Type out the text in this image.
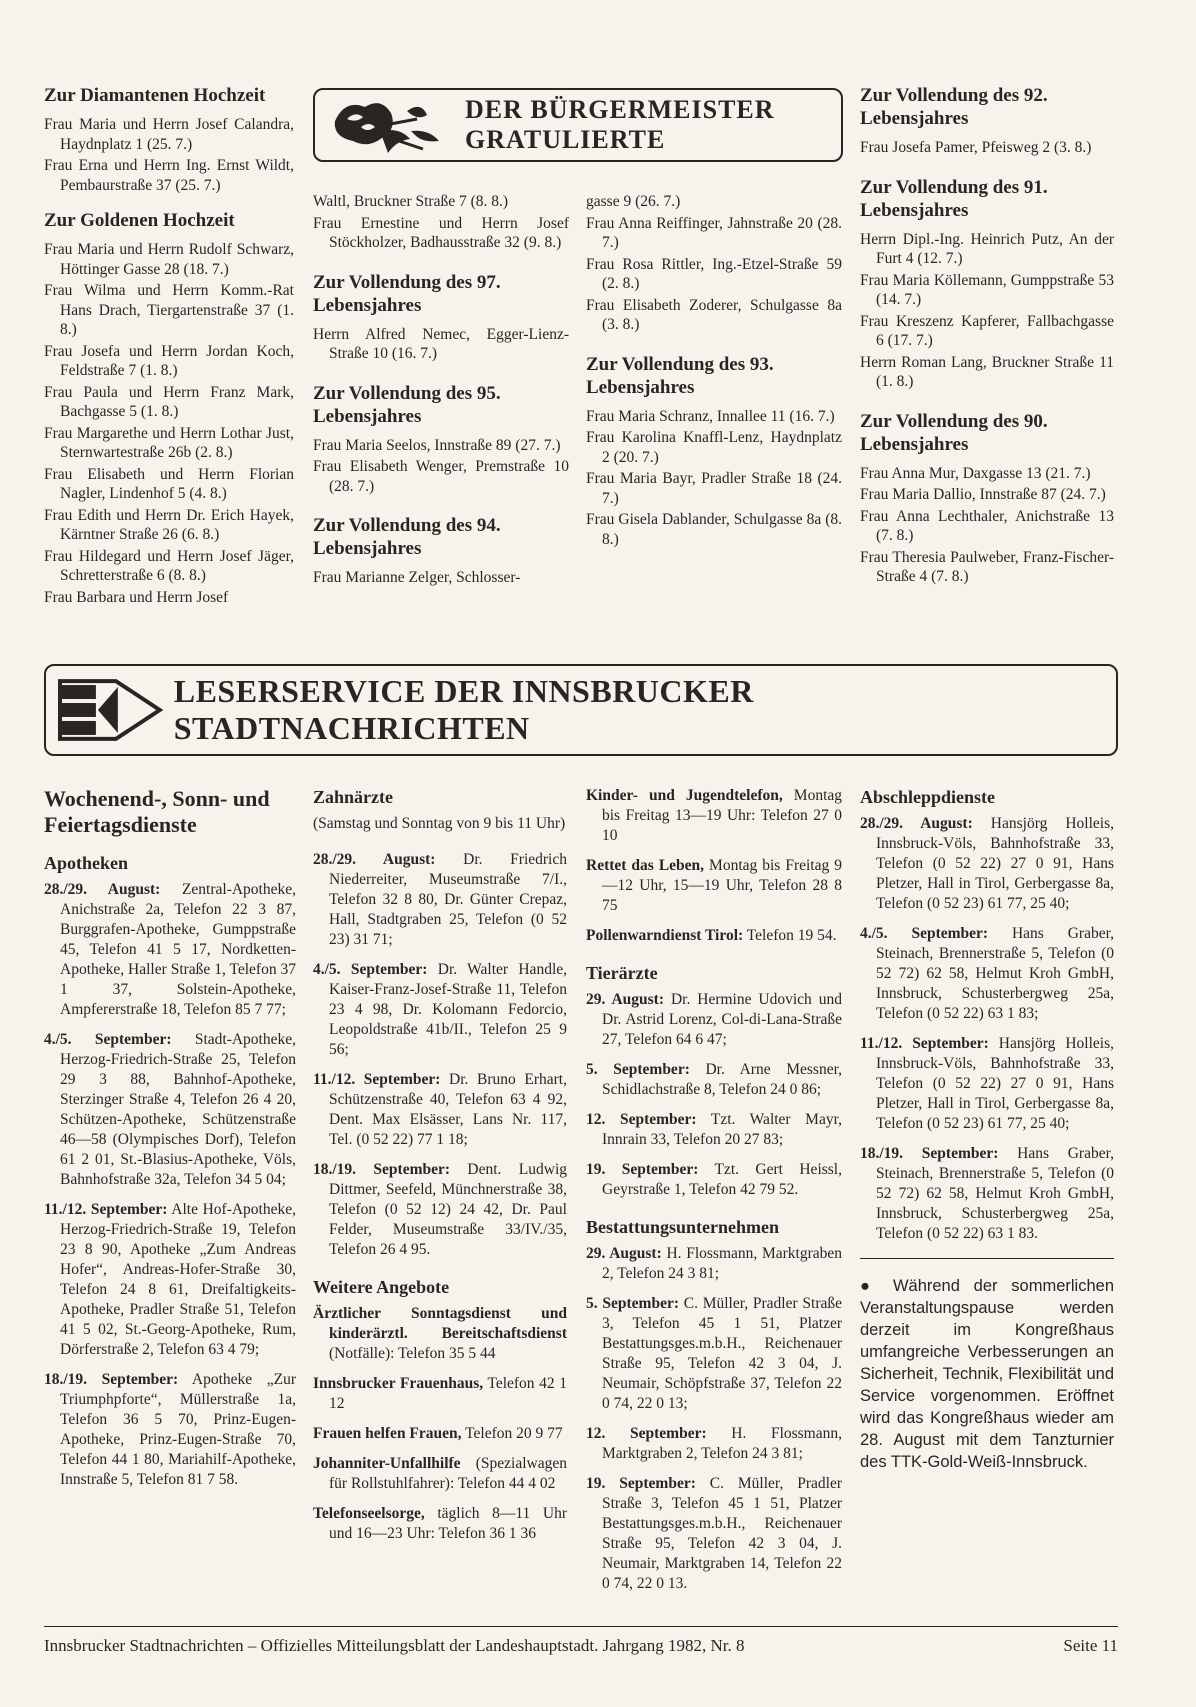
Zur Diamantenen Hochzeit
Frau Maria und Herrn Josef Calandra, Haydnplatz 1 (25. 7.)
Frau Erna und Herrn Ing. Ernst Wildt, Pembaurstraße 37 (25. 7.)
Zur Goldenen Hochzeit
Frau Maria und Herrn Rudolf Schwarz, Höttinger Gasse 28 (18. 7.)
Frau Wilma und Herrn Komm.-Rat Hans Drach, Tiergartenstraße 37 (1. 8.)
Frau Josefa und Herrn Jordan Koch, Feldstraße 7 (1. 8.)
Frau Paula und Herrn Franz Mark, Bachgasse 5 (1. 8.)
Frau Margarethe und Herrn Lothar Just, Sternwartestraße 26b (2. 8.)
Frau Elisabeth und Herrn Florian Nagler, Lindenhof 5 (4. 8.)
Frau Edith und Herrn Dr. Erich Hayek, Kärntner Straße 26 (6. 8.)
Frau Hildegard und Herrn Josef Jäger, Schretterstraße 6 (8. 8.)
Frau Barbara und Herrn Josef
DER BÜRGERMEISTER
GRATULIERTE
Waltl, Bruckner Straße 7 (8. 8.)
Frau Ernestine und Herrn Josef Stöckholzer, Badhausstraße 32 (9. 8.)
Zur Vollendung des 97. Lebensjahres
Herrn Alfred Nemec, Egger-Lienz-Straße 10 (16. 7.)
Zur Vollendung des 95. Lebensjahres
Frau Maria Seelos, Innstraße 89 (27. 7.)
Frau Elisabeth Wenger, Premstraße 10 (28. 7.)
Zur Vollendung des 94. Lebensjahres
Frau Marianne Zelger, Schlosser-
gasse 9 (26. 7.)
Frau Anna Reiffinger, Jahnstraße 20 (28. 7.)
Frau Rosa Rittler, Ing.-Etzel-Straße 59 (2. 8.)
Frau Elisabeth Zoderer, Schulgasse 8a (3. 8.)
Zur Vollendung des 93. Lebensjahres
Frau Maria Schranz, Innallee 11 (16. 7.)
Frau Karolina Knaffl-Lenz, Haydnplatz 2 (20. 7.)
Frau Maria Bayr, Pradler Straße 18 (24. 7.)
Frau Gisela Dablander, Schulgasse 8a (8. 8.)
Zur Vollendung des 92. Lebensjahres
Frau Josefa Pamer, Pfeisweg 2 (3. 8.)
Zur Vollendung des 91. Lebensjahres
Herrn Dipl.-Ing. Heinrich Putz, An der Furt 4 (12. 7.)
Frau Maria Köllemann, Gumppstraße 53 (14. 7.)
Frau Kreszenz Kapferer, Fallbachgasse 6 (17. 7.)
Herrn Roman Lang, Bruckner Straße 11 (1. 8.)
Zur Vollendung des 90. Lebensjahres
Frau Anna Mur, Daxgasse 13 (21. 7.)
Frau Maria Dallio, Innstraße 87 (24. 7.)
Frau Anna Lechthaler, Anichstraße 13 (7. 8.)
Frau Theresia Paulweber, Franz-Fischer-Straße 4 (7. 8.)
LESERSERVICE DER INNSBRUCKER STADTNACHRICHTEN
Wochenend-, Sonn- und Feiertagsdienste
Apotheken
28./29. August: Zentral-Apotheke, Anichstraße 2a, Telefon 22 3 87, Burggrafen-Apotheke, Gumppstraße 45, Telefon 41 5 17, Nordketten-Apotheke, Haller Straße 1, Telefon 37 1 37, Solstein-Apotheke, Ampfererstraße 18, Telefon 85 7 77;
4./5. September: Stadt-Apotheke, Herzog-Friedrich-Straße 25, Telefon 29 3 88, Bahnhof-Apotheke, Sterzinger Straße 4, Telefon 26 4 20, Schützen-Apotheke, Schützenstraße 46—58 (Olympisches Dorf), Telefon 61 2 01, St.-Blasius-Apotheke, Völs, Bahnhofstraße 32a, Telefon 34 5 04;
11./12. September: Alte Hof-Apotheke, Herzog-Friedrich-Straße 19, Telefon 23 8 90, Apotheke „Zum Andreas Hofer“, Andreas-Hofer-Straße 30, Telefon 24 8 61, Dreifaltigkeits-Apotheke, Pradler Straße 51, Telefon 41 5 02, St.-Georg-Apotheke, Rum, Dörferstraße 2, Telefon 63 4 79;
18./19. September: Apotheke „Zur Triumphpforte“, Müllerstraße 1a, Telefon 36 5 70, Prinz-Eugen-Apotheke, Prinz-Eugen-Straße 70, Telefon 44 1 80, Mariahilf-Apotheke, Innstraße 5, Telefon 81 7 58.
Zahnärzte
(Samstag und Sonntag von 9 bis 11 Uhr)
28./29. August: Dr. Friedrich Niederreiter, Museumstraße 7/I., Telefon 32 8 80, Dr. Günter Crepaz, Hall, Stadtgraben 25, Telefon (0 52 23) 31 71;
4./5. September: Dr. Walter Handle, Kaiser-Franz-Josef-Straße 11, Telefon 23 4 98, Dr. Kolomann Fedorcio, Leopoldstraße 41b/II., Telefon 25 9 56;
11./12. September: Dr. Bruno Erhart, Schützenstraße 40, Telefon 63 4 92, Dent. Max Elsässer, Lans Nr. 117, Tel. (0 52 22) 77 1 18;
18./19. September: Dent. Ludwig Dittmer, Seefeld, Münchnerstraße 38, Telefon (0 52 12) 24 42, Dr. Paul Felder, Museumstraße 33/IV./35, Telefon 26 4 95.
Weitere Angebote
Ärztlicher Sonntagsdienst und kinderärztl. Bereitschaftsdienst (Notfälle): Telefon 35 5 44
Innsbrucker Frauenhaus, Telefon 42 1 12
Frauen helfen Frauen, Telefon 20 9 77
Johanniter-Unfallhilfe (Spezialwagen für Rollstuhlfahrer): Telefon 44 4 02
Telefonseelsorge, täglich 8—11 Uhr und 16—23 Uhr: Telefon 36 1 36
Kinder- und Jugendtelefon, Montag bis Freitag 13—19 Uhr: Telefon 27 0 10
Rettet das Leben, Montag bis Freitag 9—12 Uhr, 15—19 Uhr, Telefon 28 8 75
Pollenwarndienst Tirol: Telefon 19 54.
Tierärzte
29. August: Dr. Hermine Udovich und Dr. Astrid Lorenz, Col-di-Lana-Straße 27, Telefon 64 6 47;
5. September: Dr. Arne Messner, Schidlachstraße 8, Telefon 24 0 86;
12. September: Tzt. Walter Mayr, Innrain 33, Telefon 20 27 83;
19. September: Tzt. Gert Heissl, Geyrstraße 1, Telefon 42 79 52.
Bestattungsunternehmen
29. August: H. Flossmann, Marktgraben 2, Telefon 24 3 81;
5. September: C. Müller, Pradler Straße 3, Telefon 45 1 51, Platzer Bestattungsges.m.b.H., Reichenauer Straße 95, Telefon 42 3 04, J. Neumair, Schöpfstraße 37, Telefon 22 0 74, 22 0 13;
12. September: H. Flossmann, Marktgraben 2, Telefon 24 3 81;
19. September: C. Müller, Pradler Straße 3, Telefon 45 1 51, Platzer Bestattungsges.m.b.H., Reichenauer Straße 95, Telefon 42 3 04, J. Neumair, Marktgraben 14, Telefon 22 0 74, 22 0 13.
Abschleppdienste
28./29. August: Hansjörg Holleis, Innsbruck-Völs, Bahnhofstraße 33, Telefon (0 52 22) 27 0 91, Hans Pletzer, Hall in Tirol, Gerbergasse 8a, Telefon (0 52 23) 61 77, 25 40;
4./5. September: Hans Graber, Steinach, Brennerstraße 5, Telefon (0 52 72) 62 58, Helmut Kroh GmbH, Innsbruck, Schusterbergweg 25a, Telefon (0 52 22) 63 1 83;
11./12. September: Hansjörg Holleis, Innsbruck-Völs, Bahnhofstraße 33, Telefon (0 52 22) 27 0 91, Hans Pletzer, Hall in Tirol, Gerbergasse 8a, Telefon (0 52 23) 61 77, 25 40;
18./19. September: Hans Graber, Steinach, Brennerstraße 5, Telefon (0 52 72) 62 58, Helmut Kroh GmbH, Innsbruck, Schusterbergweg 25a, Telefon (0 52 22) 63 1 83.
● Während der sommerlichen Veranstaltungspause werden derzeit im Kongreßhaus umfangreiche Verbesserungen an Sicherheit, Technik, Flexibilität und Service vorgenommen. Eröffnet wird das Kongreßhaus wieder am 28. August mit dem Tanzturnier des TTK-Gold-Weiß-Innsbruck.
Innsbrucker Stadtnachrichten – Offizielles Mitteilungsblatt der Landeshauptstadt. Jahrgang 1982, Nr. 8	Seite 11
